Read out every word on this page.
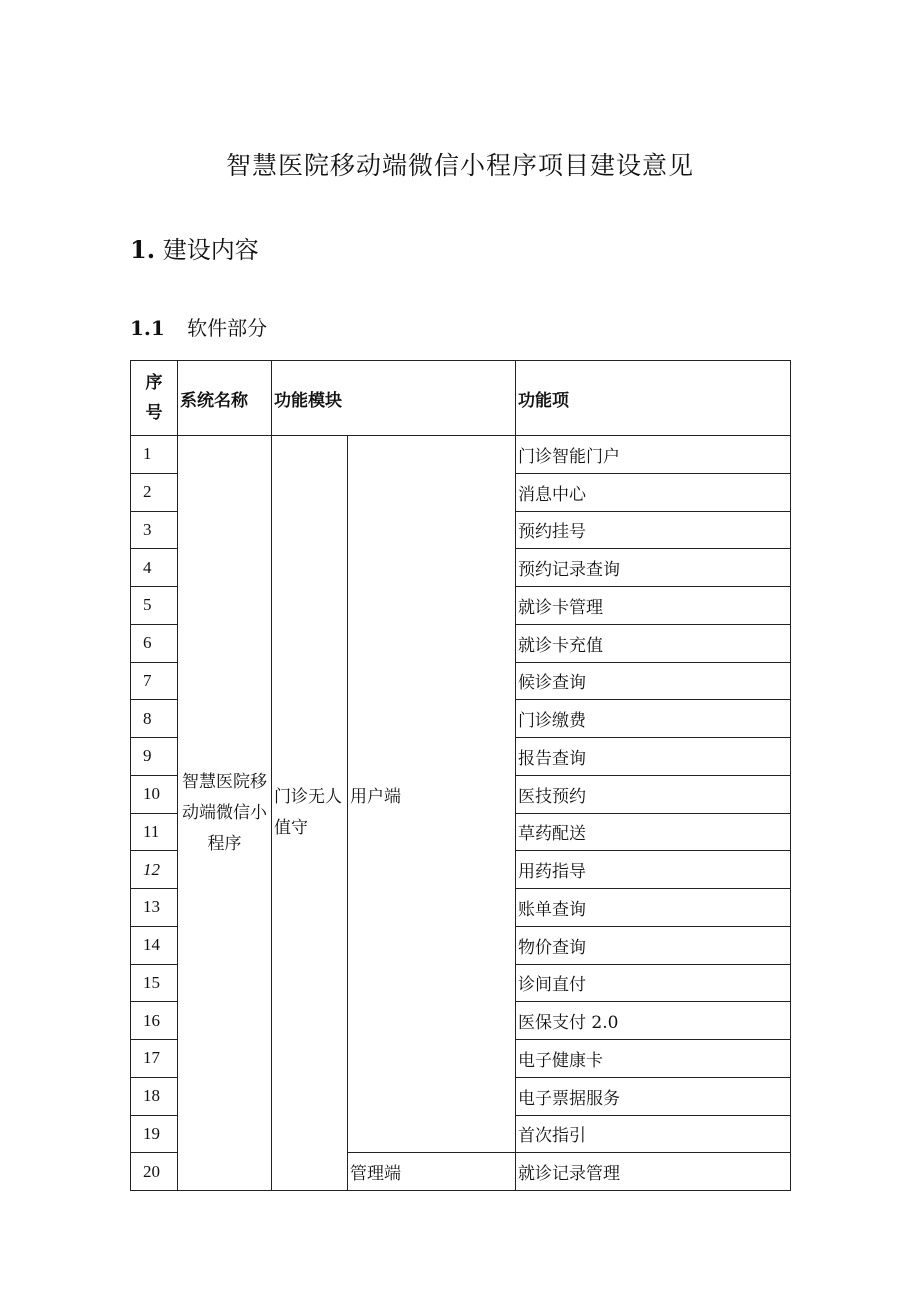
智慧医院移动端微信小程序项目建设意见
1. 建设内容
1.1 软件部分
序
号	系统名称	功能模块		功能项
1	智慧医院移动端微信小程序	门诊无人值守	用户端	门诊智能门户
2				消息中心
3				预约挂号
4				预约记录查询
5				就诊卡管理
6				就诊卡充值
7				候诊查询
8				门诊缴费
9				报告查询
10				医技预约
11				草药配送
12				用药指导
13				账单查询
14				物价查询
15				诊间直付
16				医保支付 2.0
17				电子健康卡
18				电子票据服务
19				首次指引
20			管理端	就诊记录管理
